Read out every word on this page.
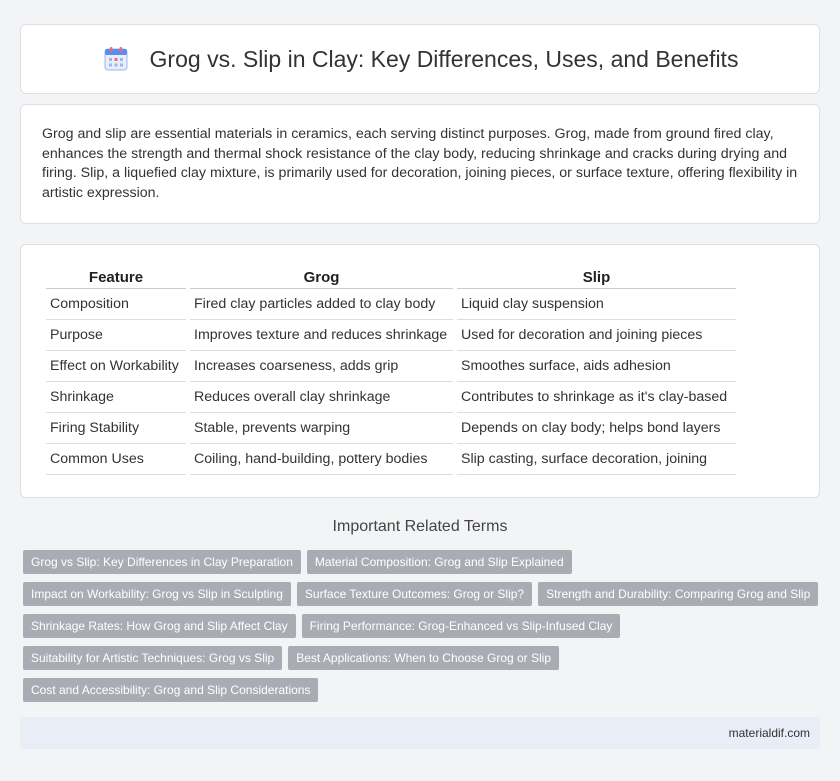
Grog vs. Slip in Clay: Key Differences, Uses, and Benefits

Grog and slip are essential materials in ceramics, each serving distinct purposes. Grog, made from ground fired clay, enhances the strength and thermal shock resistance of the clay body, reducing shrinkage and cracks during drying and firing. Slip, a liquefied clay mixture, is primarily used for decoration, joining pieces, or surface texture, offering flexibility in artistic expression.

Feature	Grog	Slip
Composition	Fired clay particles added to clay body	Liquid clay suspension
Purpose	Improves texture and reduces shrinkage	Used for decoration and joining pieces
Effect on Workability	Increases coarseness, adds grip	Smoothes surface, aids adhesion
Shrinkage	Reduces overall clay shrinkage	Contributes to shrinkage as it's clay-based
Firing Stability	Stable, prevents warping	Depends on clay body; helps bond layers
Common Uses	Coiling, hand-building, pottery bodies	Slip casting, surface decoration, joining
Important Related Terms
Grog vs Slip: Key Differences in Clay Preparation	Material Composition: Grog and Slip Explained
Impact on Workability: Grog vs Slip in Sculpting	Surface Texture Outcomes: Grog or Slip?	Strength and Durability: Comparing Grog and Slip
Shrinkage Rates: How Grog and Slip Affect Clay	Firing Performance: Grog-Enhanced vs Slip-Infused Clay
Suitability for Artistic Techniques: Grog vs Slip	Best Applications: When to Choose Grog or Slip
Cost and Accessibility: Grog and Slip Considerations
materialdif.com
